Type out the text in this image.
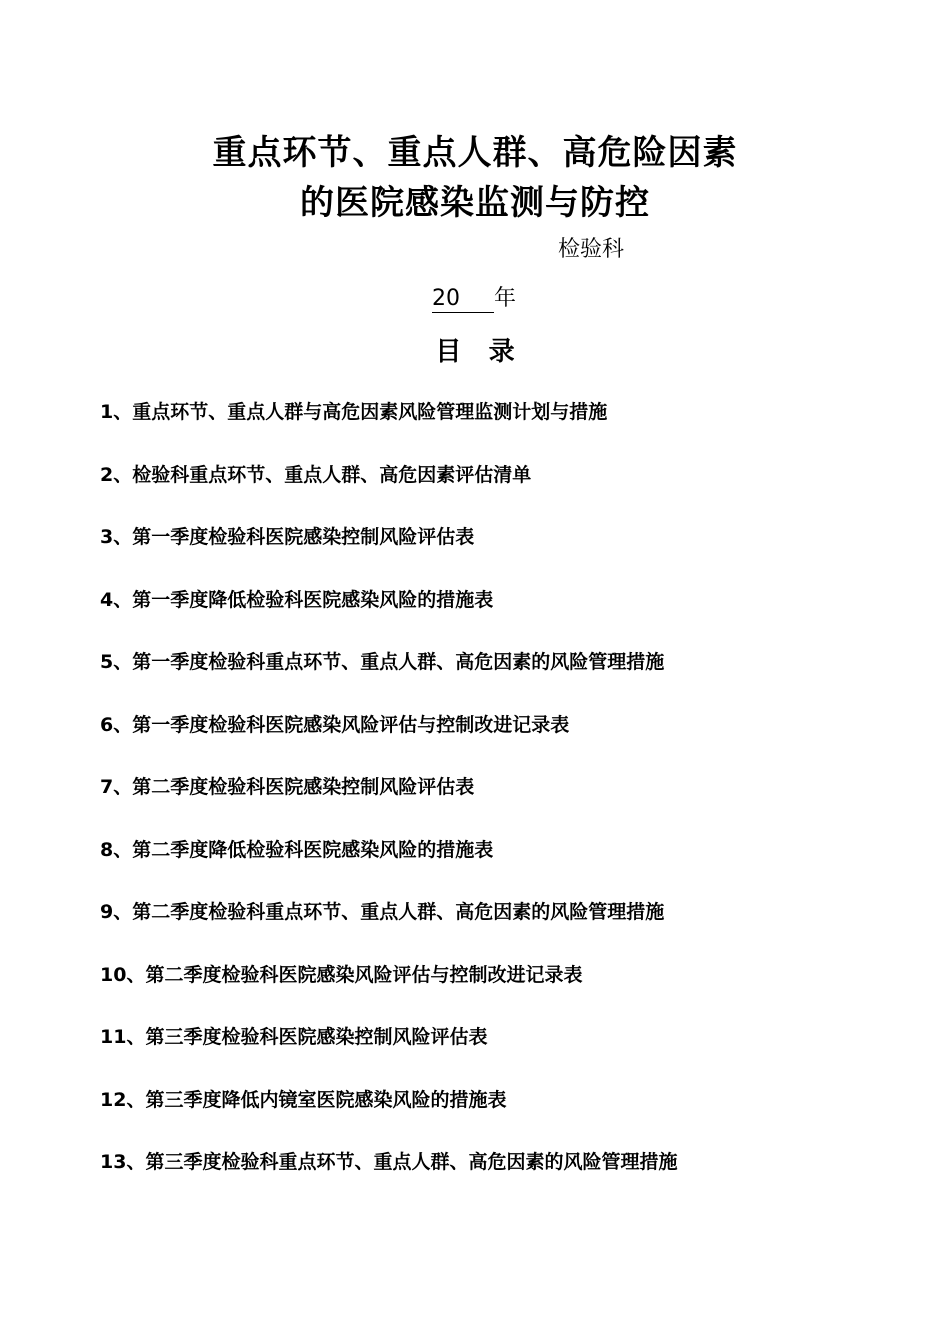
重点环节、重点人群、高危险因素
的医院感染监测与防控
检验科
20 年
目   录
1、重点环节、重点人群与高危因素风险管理监测计划与措施
2、检验科重点环节、重点人群、高危因素评估清单
3、第一季度检验科医院感染控制风险评估表
4、第一季度降低检验科医院感染风险的措施表
5、第一季度检验科重点环节、重点人群、高危因素的风险管理措施
6、第一季度检验科医院感染风险评估与控制改进记录表
7、第二季度检验科医院感染控制风险评估表
8、第二季度降低检验科医院感染风险的措施表
9、第二季度检验科重点环节、重点人群、高危因素的风险管理措施
10、第二季度检验科医院感染风险评估与控制改进记录表
11、第三季度检验科医院感染控制风险评估表
12、第三季度降低内镜室医院感染风险的措施表
13、第三季度检验科重点环节、重点人群、高危因素的风险管理措施
